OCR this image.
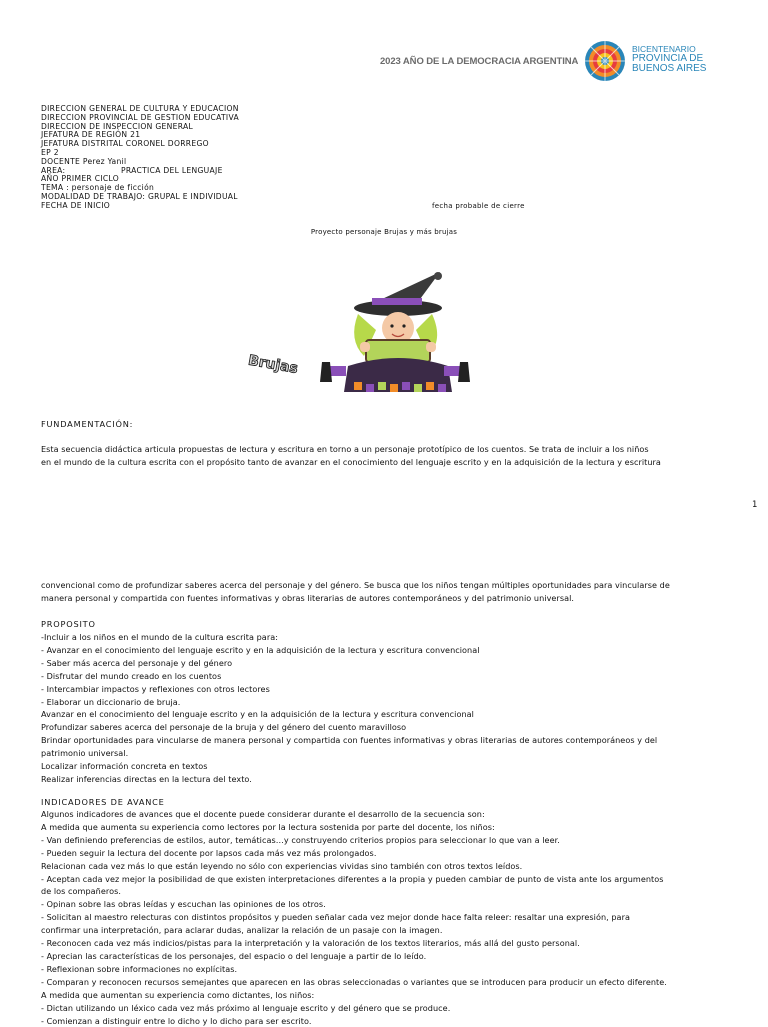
2023 AÑO DE LA DEMOCRACIA ARGENTINA
BICENTENARIO
PROVINCIA DE
BUENOS AIRES
DIRECCION GENERAL DE CULTURA Y EDUCACION
DIRECCION PROVINCIAL DE GESTION EDUCATIVA
DIRECCION DE INSPECCION GENERAL
JEFATURA DE REGIÓN 21
JEFATURA DISTRITAL CORONEL DORREGO
EP 2
DOCENTE Perez Yanil
AREA:	PRACTICA DEL LENGUAJE

AÑO PRIMER CICLO
TEMA : personaje de ficción
MODALIDAD DE TRABAJO: GRUPAL E INDIVIDUAL
FECHA DE INICIO	fecha probable de cierre

Proyecto personaje Brujas y más brujas
Brujas
FUNDAMENTACIÓN:
Esta secuencia didáctica articula propuestas de lectura y escritura en torno a un personaje prototípico de los cuentos. Se trata de incluir a los niños
en el mundo de la cultura escrita con el propósito tanto de avanzar en el conocimiento del lenguaje escrito y en la adquisición de la lectura y escritura
1
convencional como de profundizar saberes acerca del personaje y del género. Se busca que los niños tengan múltiples oportunidades para vincularse de
manera personal y compartida con fuentes informativas y obras literarias de autores contemporáneos y del patrimonio universal.
PROPOSITO
-Incluir a los niños en el mundo de la cultura escrita para:
- Avanzar en el conocimiento del lenguaje escrito y en la adquisición de la lectura y escritura convencional
- Saber más acerca del personaje y del género
- Disfrutar del mundo creado en los cuentos
- Intercambiar impactos y reflexiones con otros lectores
- Elaborar un diccionario de bruja.
Avanzar en el conocimiento del lenguaje escrito y en la adquisición de la lectura y escritura convencional
Profundizar saberes acerca del personaje de la bruja y del género del cuento maravilloso
Brindar oportunidades para vincularse de manera personal y compartida con fuentes informativas y obras literarias de autores contemporáneos y del
patrimonio universal.
Localizar información concreta en textos
Realizar inferencias directas en la lectura del texto.
INDICADORES DE AVANCE
Algunos indicadores de avances que el docente puede considerar durante el desarrollo de la secuencia son:
A medida que aumenta su experiencia como lectores por la lectura sostenida por parte del docente, los niños:
- Van definiendo preferencias de estilos, autor, temáticas…y construyendo criterios propios para seleccionar lo que van a leer.
- Pueden seguir la lectura del docente por lapsos cada más vez más prolongados.
Relacionan cada vez más lo que están leyendo no sólo con experiencias vividas sino también con otros textos leídos.
- Aceptan cada vez mejor la posibilidad de que existen interpretaciones diferentes a la propia y pueden cambiar de punto de vista ante los argumentos
de los compañeros.
- Opinan sobre las obras leídas y escuchan las opiniones de los otros.
- Solicitan al maestro relecturas con distintos propósitos y pueden señalar cada vez mejor donde hace falta releer: resaltar una expresión, para
confirmar una interpretación, para aclarar dudas, analizar la relación de un pasaje con la imagen.
- Reconocen cada vez más indicios/pistas para la interpretación y la valoración de los textos literarios, más allá del gusto personal.
- Aprecian las características de los personajes, del espacio o del lenguaje a partir de lo leído.
- Reflexionan sobre informaciones no explícitas.
- Comparan y reconocen recursos semejantes que aparecen en las obras seleccionadas o variantes que se introducen para producir un efecto diferente.
A medida que aumentan su experiencia como dictantes, los niños:
- Dictan utilizando un léxico cada vez más próximo al lenguaje escrito y del género que se produce.
- Comienzan a distinguir entre lo dicho y lo dicho para ser escrito.
